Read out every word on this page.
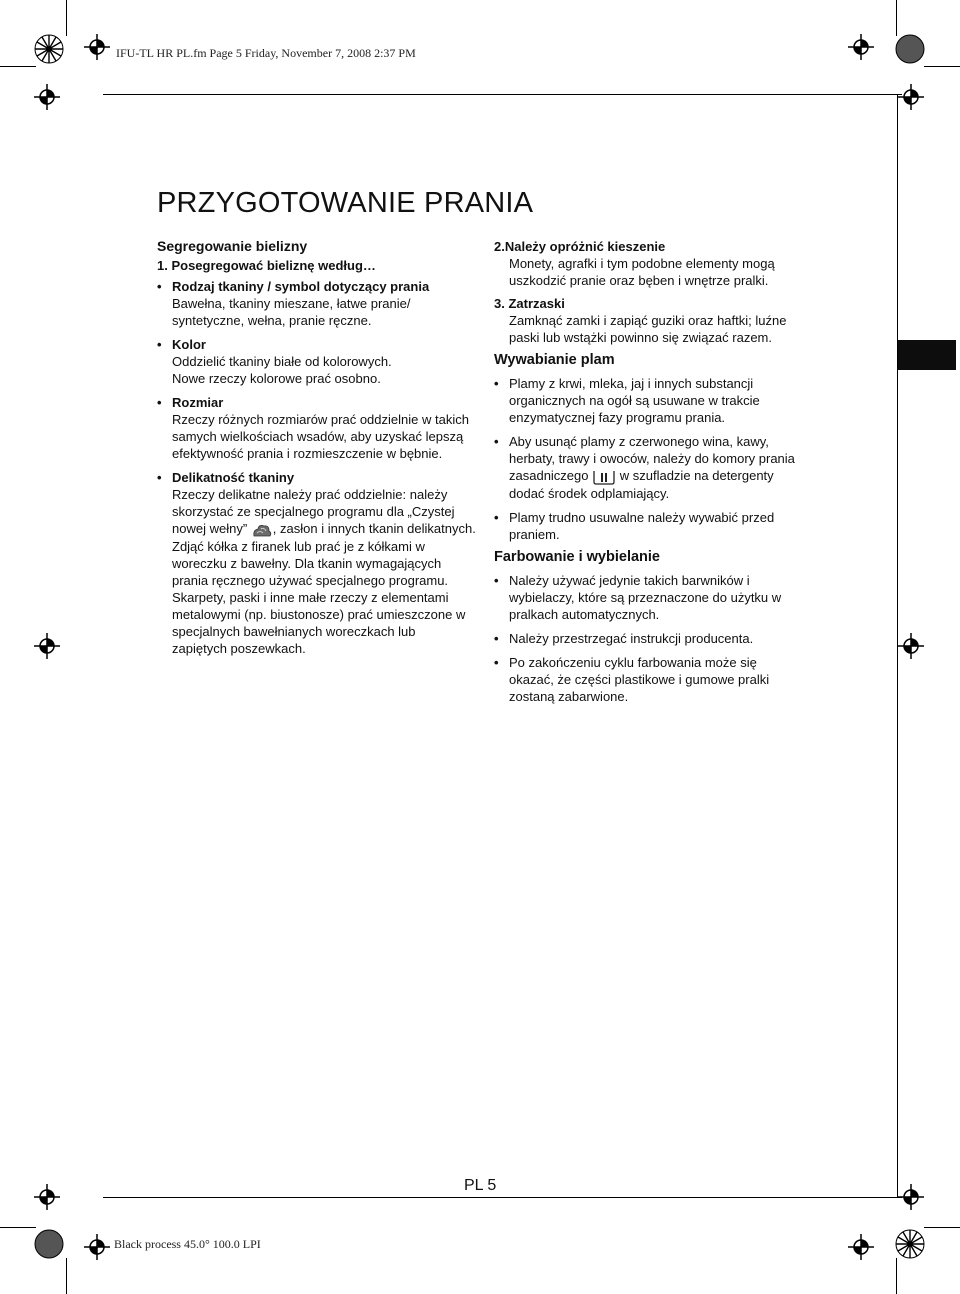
IFU-TL HR PL.fm Page 5 Friday, November 7, 2008 2:37 PM
Black process 45.0° 100.0 LPI
PRZYGOTOWANIE PRANIA

Segregowanie bielizny

1. Posegregować bieliznę według…

• Rodzaj tkaniny / symbol dotyczący prania
Bawełna, tkaniny mieszane, łatwe pranie/
syntetyczne, wełna, pranie ręczne.
• Kolor
Oddzielić tkaniny białe od kolorowych.
Nowe rzeczy kolorowe prać osobno.
• Rozmiar
Rzeczy różnych rozmiarów prać oddzielnie w takich
samych wielkościach wsadów, aby uzyskać lepszą
efektywność prania i rozmieszczenie w bębnie.
• Delikatność tkaniny
Rzeczy delikatne należy prać oddzielnie: należy
skorzystać ze specjalnego programu dla „Czystej
nowej wełny” , zasłon i innych tkanin delikatnych.
Zdjąć kółka z firanek lub prać je z kółkami w
woreczku z bawełny. Dla tkanin wymagających
prania ręcznego używać specjalnego programu.
Skarpety, paski i inne małe rzeczy z elementami
metalowymi (np. biustonosze) prać umieszczone w
specjalnych bawełnianych woreczkach lub
zapiętych poszewkach.

2.Należy opróżnić kieszenie

Monety, agrafki i tym podobne elementy mogą
uszkodzić pranie oraz bęben i wnętrze pralki.

3. Zatrzaski

Zamknąć zamki i zapiąć guziki oraz haftki; luźne
paski lub wstążki powinno się związać razem.

Wywabianie plam

• Plamy z krwi, mleka, jaj i innych substancji
organicznych na ogół są usuwane w trakcie
enzymatycznej fazy programu prania.
• Aby usunąć plamy z czerwonego wina, kawy,
herbaty, trawy i owoców, należy do komory prania
zasadniczego  w szufladzie na detergenty
dodać środek odplamiający.
• Plamy trudno usuwalne należy wywabić przed
praniem.

Farbowanie i wybielanie

• Należy używać jedynie takich barwników i
wybielaczy, które są przeznaczone do użytku w
pralkach automatycznych.
• Należy przestrzegać instrukcji producenta.
• Po zakończeniu cyklu farbowania może się
okazać, że części plastikowe i gumowe pralki
zostaną zabarwione.
PL 5
